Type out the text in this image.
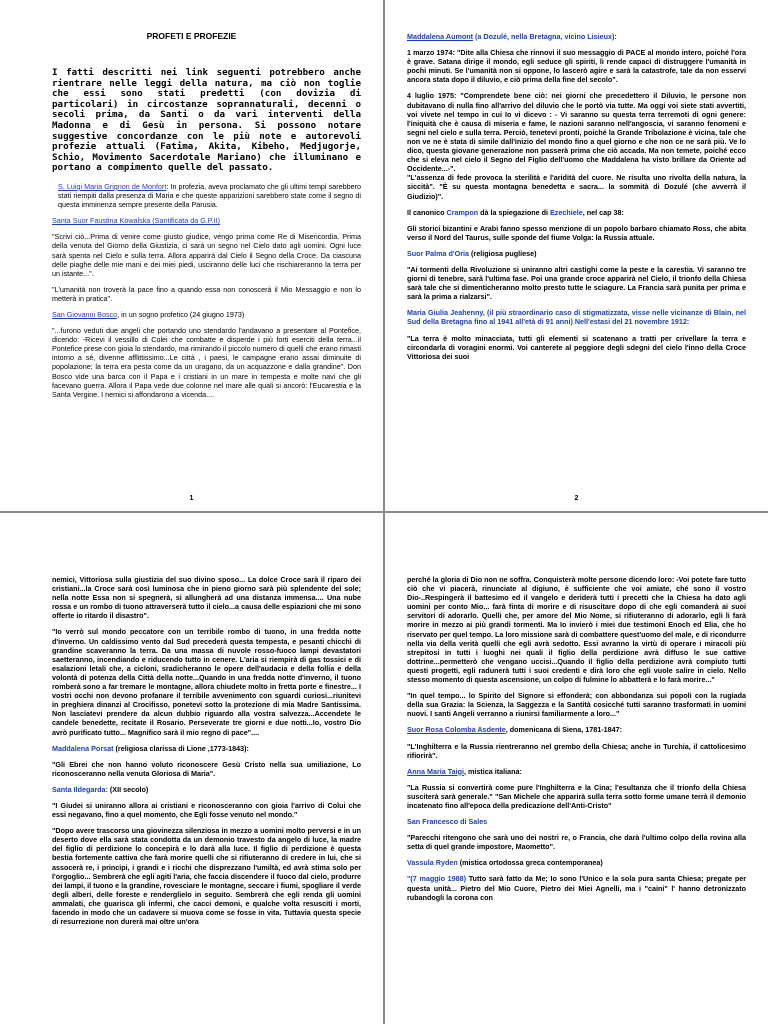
PROFETI E PROFEZIE

I fatti descritti nei link seguenti potrebbero anche rientrare nelle leggi della natura, ma ciò non toglie che essi sono stati predetti (con dovizia di particolari) in circostanze soprannaturali, decenni o secoli prima, da Santi o da vari interventi della Madonna e di Gesù in persona. Si possono notare suggestive concordanze con le più note e autorevoli profezie attuali (Fatima, Akita, Kibeho, Medjugorje, Schio, Movimento Sacerdotale Mariano) che illuminano e portano a compimento quelle del passato.

S. Luigi Maria Grignon de Monfort: In profezia, aveva proclamato che gli ultimi tempi sarebbero stati riempiti dalla presenza di Maria e che queste apparizioni sarebbero state come il segno di questa imminenza sempre presente della Parusia.

Santa Suor Faustina Kowalska (Santificata da G.P.II)

"Scrivi ciò...Prima di venire come giusto giudice, vengo prima come Re di Misericordia. Prima della venuta del Giorno della Giustizia, ci sarà un segno nel Cielo dato agli uomini. Ogni luce sarà spenta nel Cielo e sulla terra. Allora apparirà dal Cielo il Segno della Croce. Da ciascuna delle piaghe delle mie mani e dei miei piedi, usciranno delle luci che rischiareranno la terra per un istante...".

"L'umanità non troverà la pace fino a quando essa non conoscerà il Mio Messaggio e non lo metterà in pratica".

San Giovanni Bosco, in un sogno profetico (24 giugno 1973)

"...furono veduti due angeli che portando uno stendardo l'andavano a presentare al Pontefice, dicendo: -Ricevi il vessillo di Colei che combatte e disperde i più forti eserciti della terra...il Pontefice prese con gioia lo stendardo, ma rimirando il piccolo numero di quelli che erano rimasti intorno a sé, divenne afflittissimo...Le città , i paesi, le campagne erano assai diminuite di popolazione; la terra era pesta come da un uragano, da un acquazzone e dalla grandine". Don Bosco vide una barca con il Papa e i cristiani in un mare in tempesta e molte navi che gli facevano guerra. Allora il Papa vede due colonne nel mare alle quali si ancorò: l'Eucarestia e la Santa Vergine. I nemici si affondarono a vicenda....

1

Maddalena Aumont (a Dozulé, nella Bretagna, vicino Lisieux):

1 marzo 1974: "Dite alla Chiesa che rinnovi il suo messaggio di PACE al mondo intero, poiché l'ora è grave. Satana dirige il mondo, egli seduce gli spiriti, li rende capaci di distruggere l'umanità in pochi minuti. Se l'umanità non si oppone, lo lascerò agire e sarà la catastrofe, tale da non esservi ancora stata dopo il diluvio, e ciò prima della fine del secolo".

4 luglio 1975: "Comprendete bene ciò: nei giorni che precedettero il Diluvio, le persone non dubitavano di nulla fino all'arrivo del diluvio che le portò via tutte. Ma oggi voi siete stati avvertiti, voi vivete nel tempo in cui Io vi dicevo : - Vi saranno su questa terra terremoti di ogni genere: l'iniquità che è causa di miseria e fame, le nazioni saranno nell'angoscia, vi saranno fenomeni e segni nel cielo e sulla terra. Perciò, tenetevi pronti, poiché la Grande Tribolazione è vicina, tale che non ve ne è stata di simile dall'inizio del mondo fino a quel giorno e che non ce ne sarà più. Ve lo dico, questa giovane generazione non passerà prima che ciò accada. Ma non temete, poiché ecco che si eleva nel cielo il Segno del Figlio dell'uomo che Maddalena ha visto brillare da Oriente ad Occidente...-".

"L'assenza di fede provoca la sterilità e l'aridità del cuore. Ne risulta uno rivolta della natura, la siccità". "È su questa montagna benedetta e sacra... la sommità di Dozulé (che avverrà il Giudizio)".

Il canonico Crampon dà la spiegazione di Ezechiele, nel cap 38:

Gli storici bizantini e Arabi fanno spesso menzione di un popolo barbaro chiamato Ross, che abita verso il Nord del Taurus, sulle sponde del fiume Volga: la Russia attuale.

Suor Palma d'Oria (religiosa pugliese)

"Ai tormenti della Rivoluzione si uniranno altri castighi come la peste e la carestia. Vi saranno tre giorni di tenebre, sarà l'ultima fase. Poi una grande croce apparirà nel Cielo, il trionfo della Chiesa sarà tale che si dimenticheranno molto presto tutte le sciagure. La Francia sarà punita per prima e sarà la prima a rialzarsi".

Maria Giulia Jeahenny, (il più straordinario caso di stigmatizzata, visse nelle vicinanze di Blain, nel Sud della Bretagna fino al 1941 all'età di 91 anni) Nell'estasi del 21 novembre 1912:

"La terra è molto minacciata, tutti gli elementi si scatenano a tratti per crivellare la terra e circondarla di voragini enormi. Voi canterete al peggiore degli sdegni del cielo l'inno della Croce Vittoriosa dei suoi

2

nemici, Vittoriosa sulla giustizia del suo divino sposo... La dolce Croce sarà il riparo dei cristiani...la Croce sarà così luminosa che in pieno giorno sarà più splendente del sole; nella notte Essa non si spegnerà, si allungherà ad una distanza immensa.... Una nube rossa e un rombo di tuono attraverserà tutto il cielo...a causa delle espiazioni che mi sono offerte io ritardo il disastro".

"Io verrò sul mondo peccatore con un terribile rombo di tuono, in una fredda notte d'inverno. Un caldissimo vento dal Sud precederà questa tempesta, e pesanti chicchi di grandine scaveranno la terra. Da una massa di nuvole rosso-fuoco lampi devastatori saetteranno, incendiando e riducendo tutto in cenere. L'aria si riempirà di gas tossici e di esalazioni letali che, a cicloni, sradicheranno le opere dell'audacia e della follia e della volontà di potenza della Città della notte...Quando in una fredda notte d'inverno, il tuono romberà sono a far tremare le montagne, allora chiudete molto in fretta porte e finestre... I vostri occhi non devono profanare il terribile avvenimento con sguardi curiosi...riunitevi in preghiera dinanzi al Crocifisso, ponetevi sotto la protezione di mia Madre Santissima. Non lasciatevi prendere da alcun dubbio riguardo alla vostra salvezza...Accendete le candele benedette, recitate il Rosario. Perseverate tre giorni e due notti...Io, vostro Dio avrò purificato tutto... Magnifico sarà il mio regno di pace"....

Maddalena Porsat (religiosa clarissa di Lione ,1773-1843):

"Gli Ebrei che non hanno voluto riconoscere Gesù Cristo nella sua umiliazione, Lo riconosceranno nella venuta Gloriosa di Maria".

Santa Ildegarda: (XII secolo)

"I Giudei si uniranno allora ai cristiani e riconosceranno con gioia l'arrivo di Colui che essi negavano, fino a quel momento, che Egli fosse venuto nel mondo."

"Dopo avere trascorso una giovinezza silenziosa in mezzo a uomini molto perversi e in un deserto dove ella sarà stata condotta da un demonio travesto da angelo di luce, la madre del figlio di perdizione lo concepirà e lo darà alla luce. Il figlio di perdizione è questa bestia fortemente cattiva che farà morire quelli che si rifiuteranno di credere in lui, che si assocerà re, i principi, i grandi e i ricchi che disprezzano l'umiltà, ed avrà stima solo per l'orgoglio... Sembrerà che egli agiti l'aria, che faccia discendere il fuoco dal cielo, produrre dei lampi, il tuono e la grandine, rovesciare le montagne, seccare i fiumi, spogliare il verde degli alberi, delle foreste e renderglielo in seguito. Sembrerà che egli renda gli uomini ammalati, che guarisca gli infermi, che cacci demoni, e qualche volta resusciti i morti, facendo in modo che un cadavere si muova come se fosse in vita. Tuttavia questa specie di resurrezione non durerà mai oltre un'ora

perché la gloria di Dio non ne soffra. Conquisterà molte persone dicendo loro: -Voi potete fare tutto ciò che vi piacerà, rinunciate al digiuno, è sufficiente che voi amiate, ché sono il vostro Dio-..Respingerà il battesimo ed il vangelo e deriderà tutti i precetti che la Chiesa ha dato agli uomini per conto Mio... farà finta di morire e di risuscitare dopo di che egli comanderà ai suoi servitori di adorarlo. Quelli che, per amore del Mio Nome, si rifiuteranno di adorarlo, egli li farà morire in mezzo ai più grandi tormenti. Ma Io invierò i miei due testimoni Enoch ed Elia, che ho riservato per quel tempo. La loro missione sarà di combattere quest'uomo del male, e di ricondurre nella via della verità quelli che egli avrà sedotto. Essi avranno la virtù di operare i miracoli più strepitosi in tutti i luoghi nei quali il figlio della perdizione avrà diffuso le sue cattive dottrine...permetterò che vengano uccisi...Quando il figlio della perdizione avrà compiuto tutti questi progetti, egli radunerà tutti i suoi credenti e dirà loro che egli vuole salire in cielo. Nello stesso momento di questa ascensione, un colpo di fulmine lo abbatterà e lo farà morire..."

"In quel tempo... lo Spirito del Signore si effonderà; con abbondanza sui popoli con la rugiada della sua Grazia: la Scienza, la Saggezza e la Santità cosicché tutti saranno trasformati in uomini nuovi. I santi Angeli verranno a riunirsi familiarmente a loro..."

Suor Rosa Colomba Asdente, domenicana di Siena, 1781-1847:

"L'Inghilterra e la Russia rientreranno nel grembo della Chiesa; anche in Turchia, il cattolicesimo rifiorirà".

Anna Maria Taigi, mistica italiana:

"La Russia si convertirà come pure l'Inghilterra e la Cina; l'esultanza che il trionfo della Chiesa susciterà sarà generale." "San Michele che apparirà sulla terra sotto forme umane terrà il demonio incatenato fino all'epoca della predicazione dell'Anti-Cristo"

San Francesco di Sales

"Parecchi ritengono che sarà uno dei nostri re, o Francia, che darà l'ultimo colpo della rovina alla setta di quel grande impostore, Maometto".

Vassula Ryden (mistica ortodossa greca contemporanea)

"(7 maggio 1988) Tutto sarà fatto da Me; Io sono l'Unico e la sola pura santa Chiesa; pregate per questa unità... Pietro del Mio Cuore, Pietro dei Miei Agnelli, ma i "caini" l' hanno detronizzato rubandogli la corona con
